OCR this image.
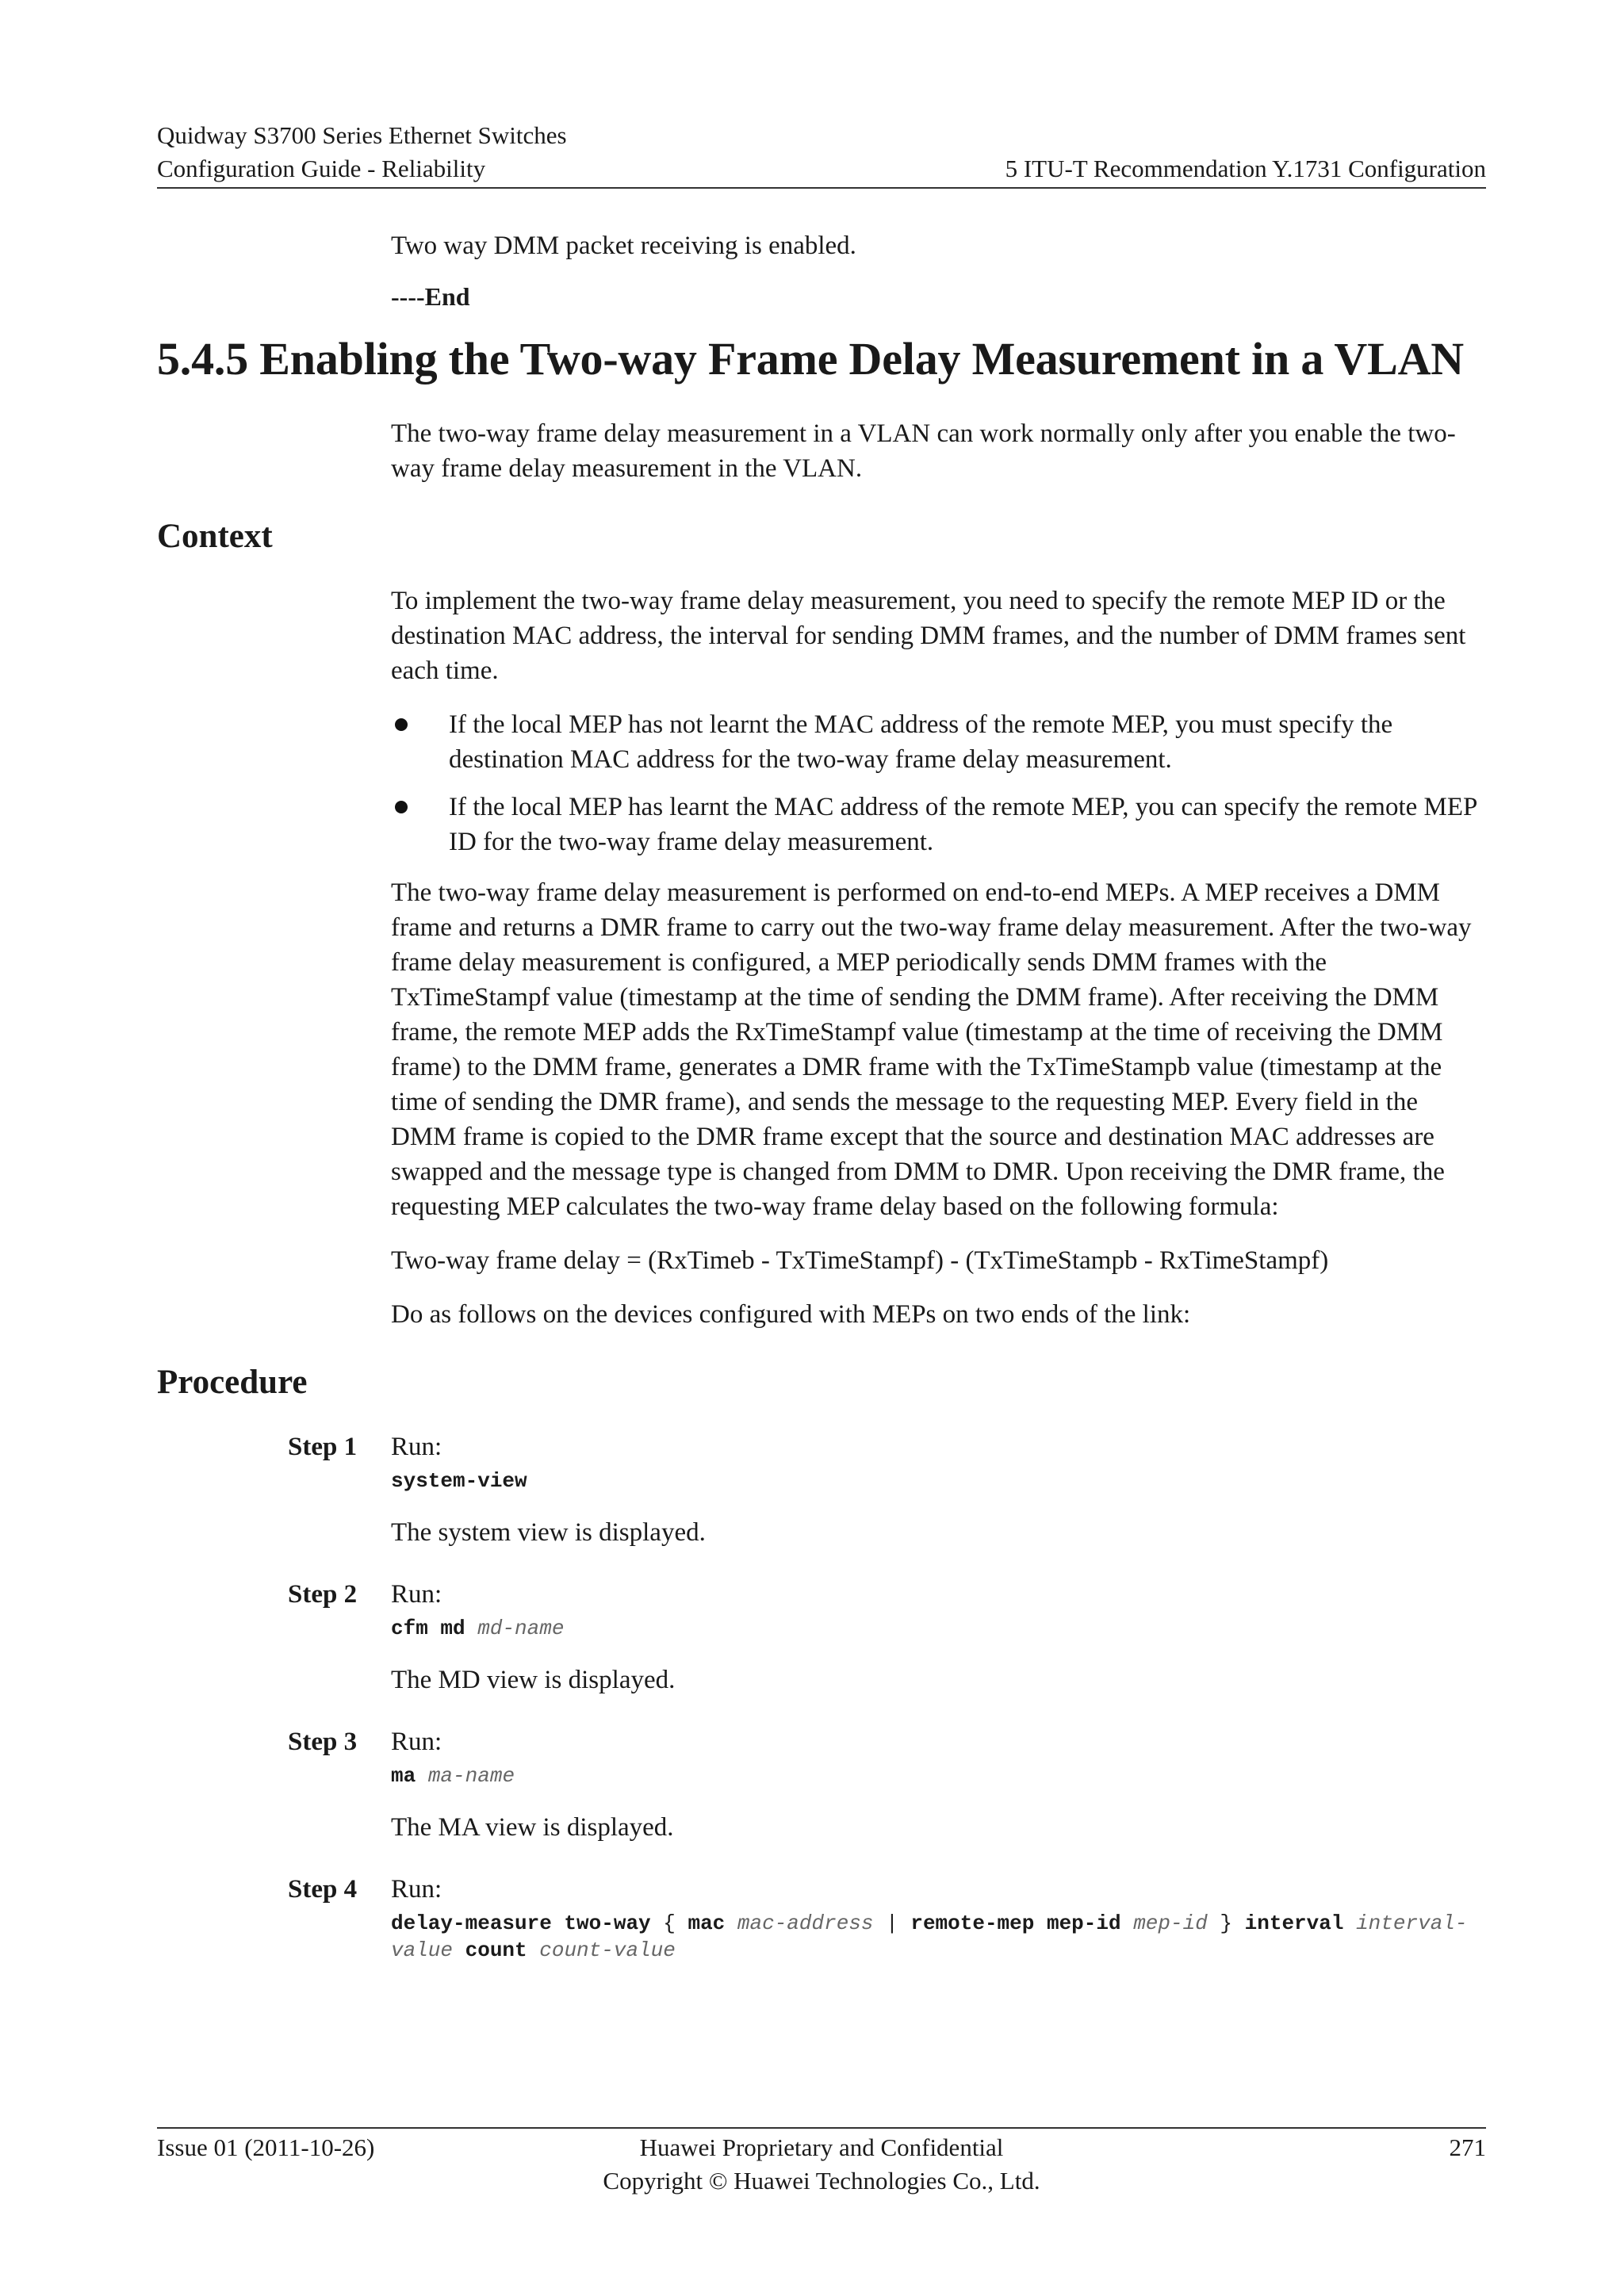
Quidway S3700 Series Ethernet Switches
Configuration Guide - Reliability	5 ITU-T Recommendation Y.1731 Configuration

Two way DMM packet receiving is enabled.

----End
5.4.5 Enabling the Two-way Frame Delay Measurement in a VLAN

The two-way frame delay measurement in a VLAN can work normally only after you enable the two-way frame delay measurement in the VLAN.

Context

To implement the two-way frame delay measurement, you need to specify the remote MEP ID or the destination MAC address, the interval for sending DMM frames, and the number of DMM frames sent each time.

If the local MEP has not learnt the MAC address of the remote MEP, you must specify the destination MAC address for the two-way frame delay measurement.
If the local MEP has learnt the MAC address of the remote MEP, you can specify the remote MEP ID for the two-way frame delay measurement.

The two-way frame delay measurement is performed on end-to-end MEPs. A MEP receives a DMM frame and returns a DMR frame to carry out the two-way frame delay measurement. After the two-way frame delay measurement is configured, a MEP periodically sends DMM frames with the TxTimeStampf value (timestamp at the time of sending the DMM frame). After receiving the DMM frame, the remote MEP adds the RxTimeStampf value (timestamp at the time of receiving the DMM frame) to the DMM frame, generates a DMR frame with the TxTimeStampb value (timestamp at the time of sending the DMR frame), and sends the message to the requesting MEP. Every field in the DMM frame is copied to the DMR frame except that the source and destination MAC addresses are swapped and the message type is changed from DMM to DMR. Upon receiving the DMR frame, the requesting MEP calculates the two-way frame delay based on the following formula:

Two-way frame delay = (RxTimeb - TxTimeStampf) - (TxTimeStampb - RxTimeStampf)

Do as follows on the devices configured with MEPs on two ends of the link:

Procedure
Step 1	Run:
system-view
The system view is displayed.
Step 2	Run:
cfm md md-name
The MD view is displayed.
Step 3	Run:
ma ma-name
The MA view is displayed.
Step 4	Run:
delay-measure two-way { mac mac-address | remote-mep mep-id mep-id } interval interval-value count count-value
Issue 01 (2011-10-26)	Huawei Proprietary and Confidential
Copyright © Huawei Technologies Co., Ltd.
271
